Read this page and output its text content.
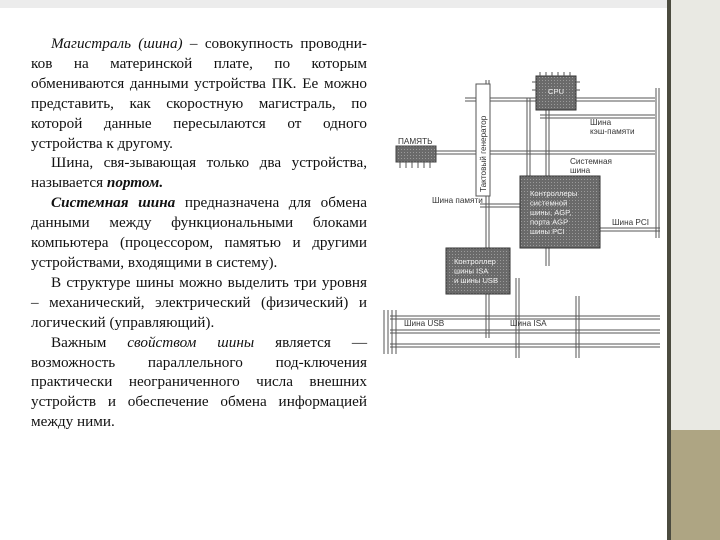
Магистраль (шина) – совокупность проводни-ков на материнской плате, по которым обмениваются данными устройства ПК. Ее можно представить, как скоростную магистраль, по которой данные пересылаются от одного устройства к другому.

Шина, свя-зывающая только два устройства, называется портом.

Системная шина предназначена для обмена данными между функциональными блоками компьютера (процессором, памятью и другими устройствами, входящими в систему).

В структуре шины можно выделить три уровня – механический, электрический (физический) и логический (управляющий).

Важным свойством шины является — возможность параллельного под-ключения практически неограниченного числа внешних устройств и обеспечение обмена информацией между ними.

Тактовый генератор
ПАМЯТЬ
CPU
Шина кэш-памяти
Системная шина
Контроллеры системной шины, AGP, порта AGP шины PCI
Шина памяти
Шина PCI
Контроллер шины ISA и шины USB
Шина USB	Шина ISA
